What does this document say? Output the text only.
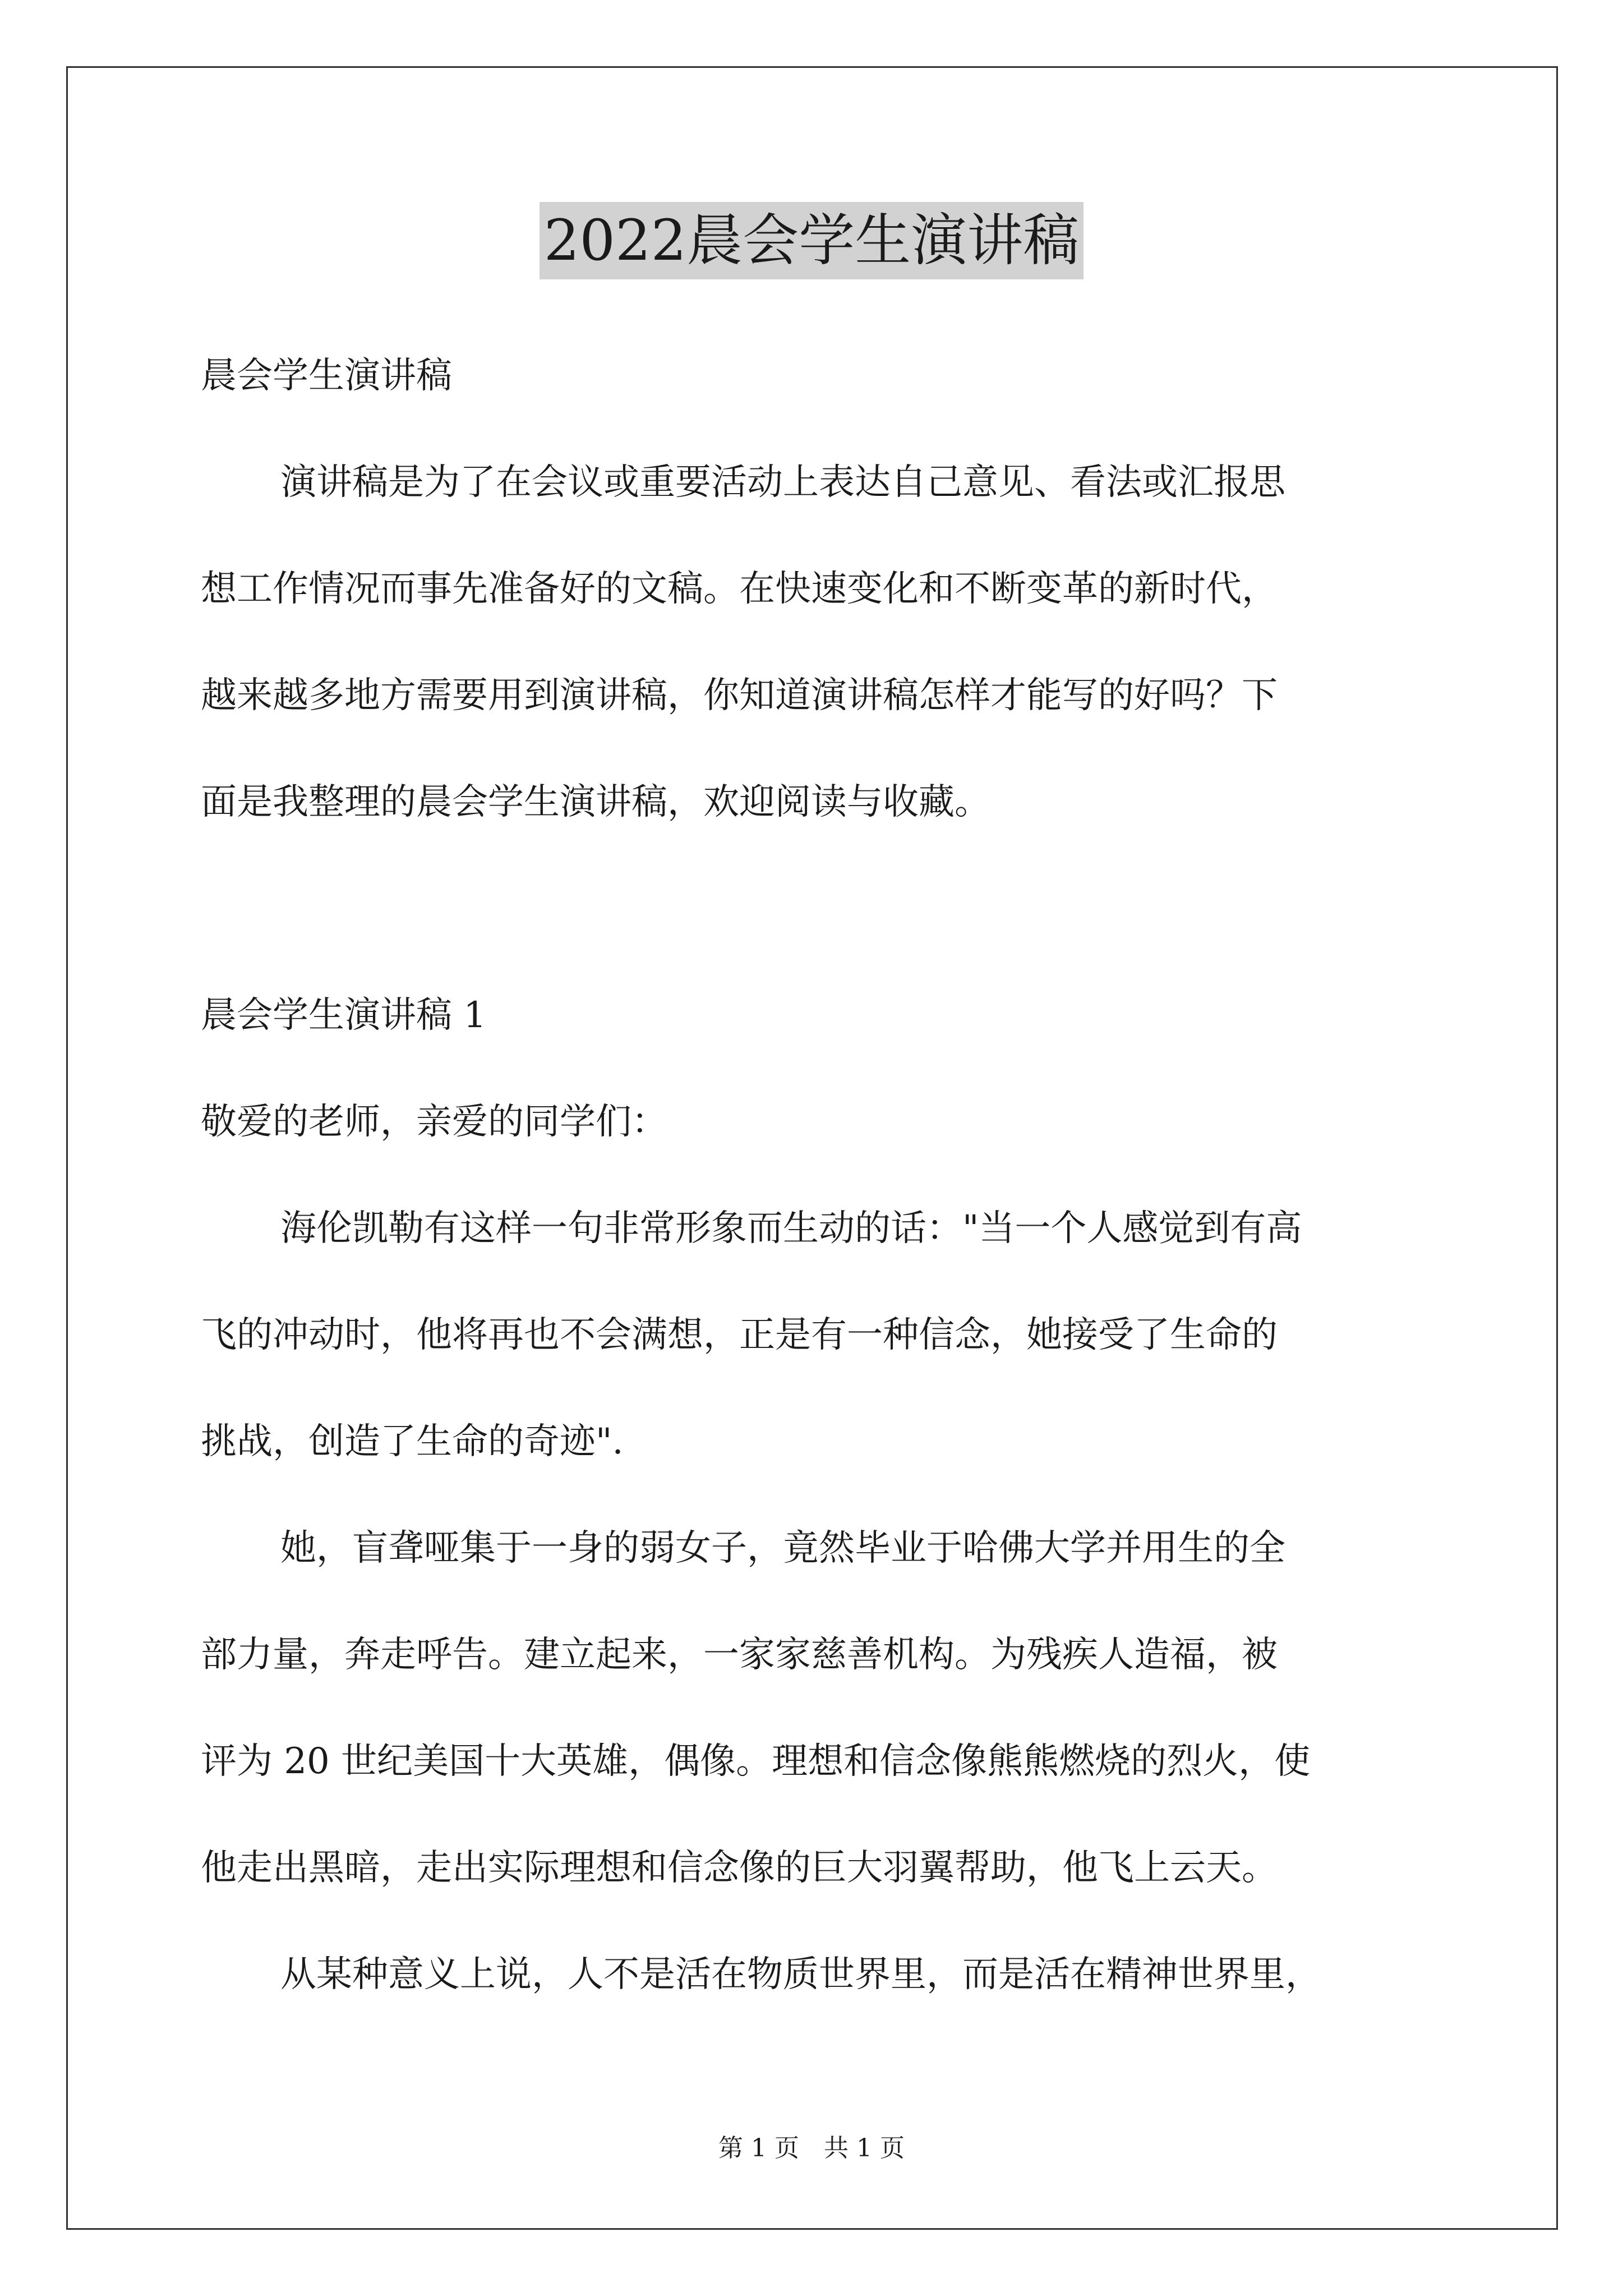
2022晨会学生演讲稿

晨会学生演讲稿

演讲稿是为了在会议或重要活动上表达自己意见、看法或汇报思

想工作情况而事先准备好的文稿。在快速变化和不断变革的新时代，

越来越多地方需要用到演讲稿，你知道演讲稿怎样才能写的好吗？下

面是我整理的晨会学生演讲稿，欢迎阅读与收藏。

晨会学生演讲稿 1

敬爱的老师，亲爱的同学们：

海伦凯勒有这样一句非常形象而生动的话："当一个人感觉到有高

飞的冲动时，他将再也不会满想，正是有一种信念，她接受了生命的

挑战，创造了生命的奇迹".

她，盲聋哑集于一身的弱女子，竟然毕业于哈佛大学并用生的全

部力量，奔走呼告。建立起来，一家家慈善机构。为残疾人造福，被

评为 20 世纪美国十大英雄，偶像。理想和信念像熊熊燃烧的烈火，使

他走出黑暗，走出实际理想和信念像的巨大羽翼帮助，他飞上云天。

从某种意义上说，人不是活在物质世界里，而是活在精神世界里，

第 1 页　共 1 页
